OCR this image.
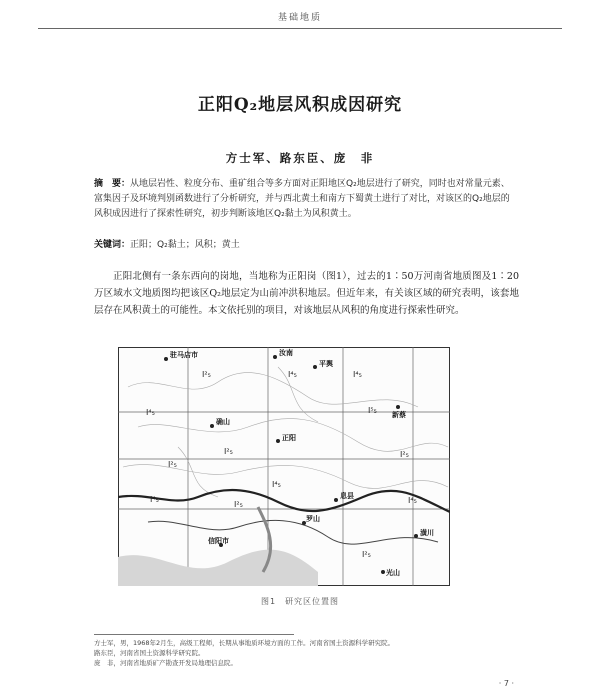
基础地质
正阳Q₂地层风积成因研究
方士军、路东臣、庞　非
摘　要：从地层岩性、粒度分布、重矿组合等多方面对正阳地区Q₂地层进行了研究，同时也对常量元素、富集因子及环境判别函数进行了分析研究，并与西北黄土和南方下蜀黄土进行了对比，对该区的Q₂地层的风积成因进行了探索性研究，初步判断该地区Q₂黏土为风积黄土。
关键词：正阳；Q₂黏土；风积；黄土
正阳北侧有一条东西向的岗地，当地称为正阳岗（图1），过去的1∶50万河南省地质图及1∶20万区域水文地质图均把该区Q₂地层定为山前冲洪积地层。但近年来，有关该区域的研究表明，该套地层存在风积黄土的可能性。本文依托别的项目，对该地层从风积的角度进行探索性研究。
驻马店市	汝南
平舆
确山
新蔡
正阳
息县
罗山
信阳市
潢川
光山
I²₅	I⁴₅	I⁴₅
I⁴₅
I²₅
I²₅
I⁵₅
I²₅
I⁴₅
I⁴₅	I⁴₅
I²₅
I²₅
图1　研究区位置图
方士军，男，1968年2月生，高级工程师，长期从事地质环境方面的工作。河南省国土资源科学研究院。
路东臣，河南省国土资源科学研究院。
庞　非，河南省地质矿产勘查开发局地理信息院。
· 7 ·
